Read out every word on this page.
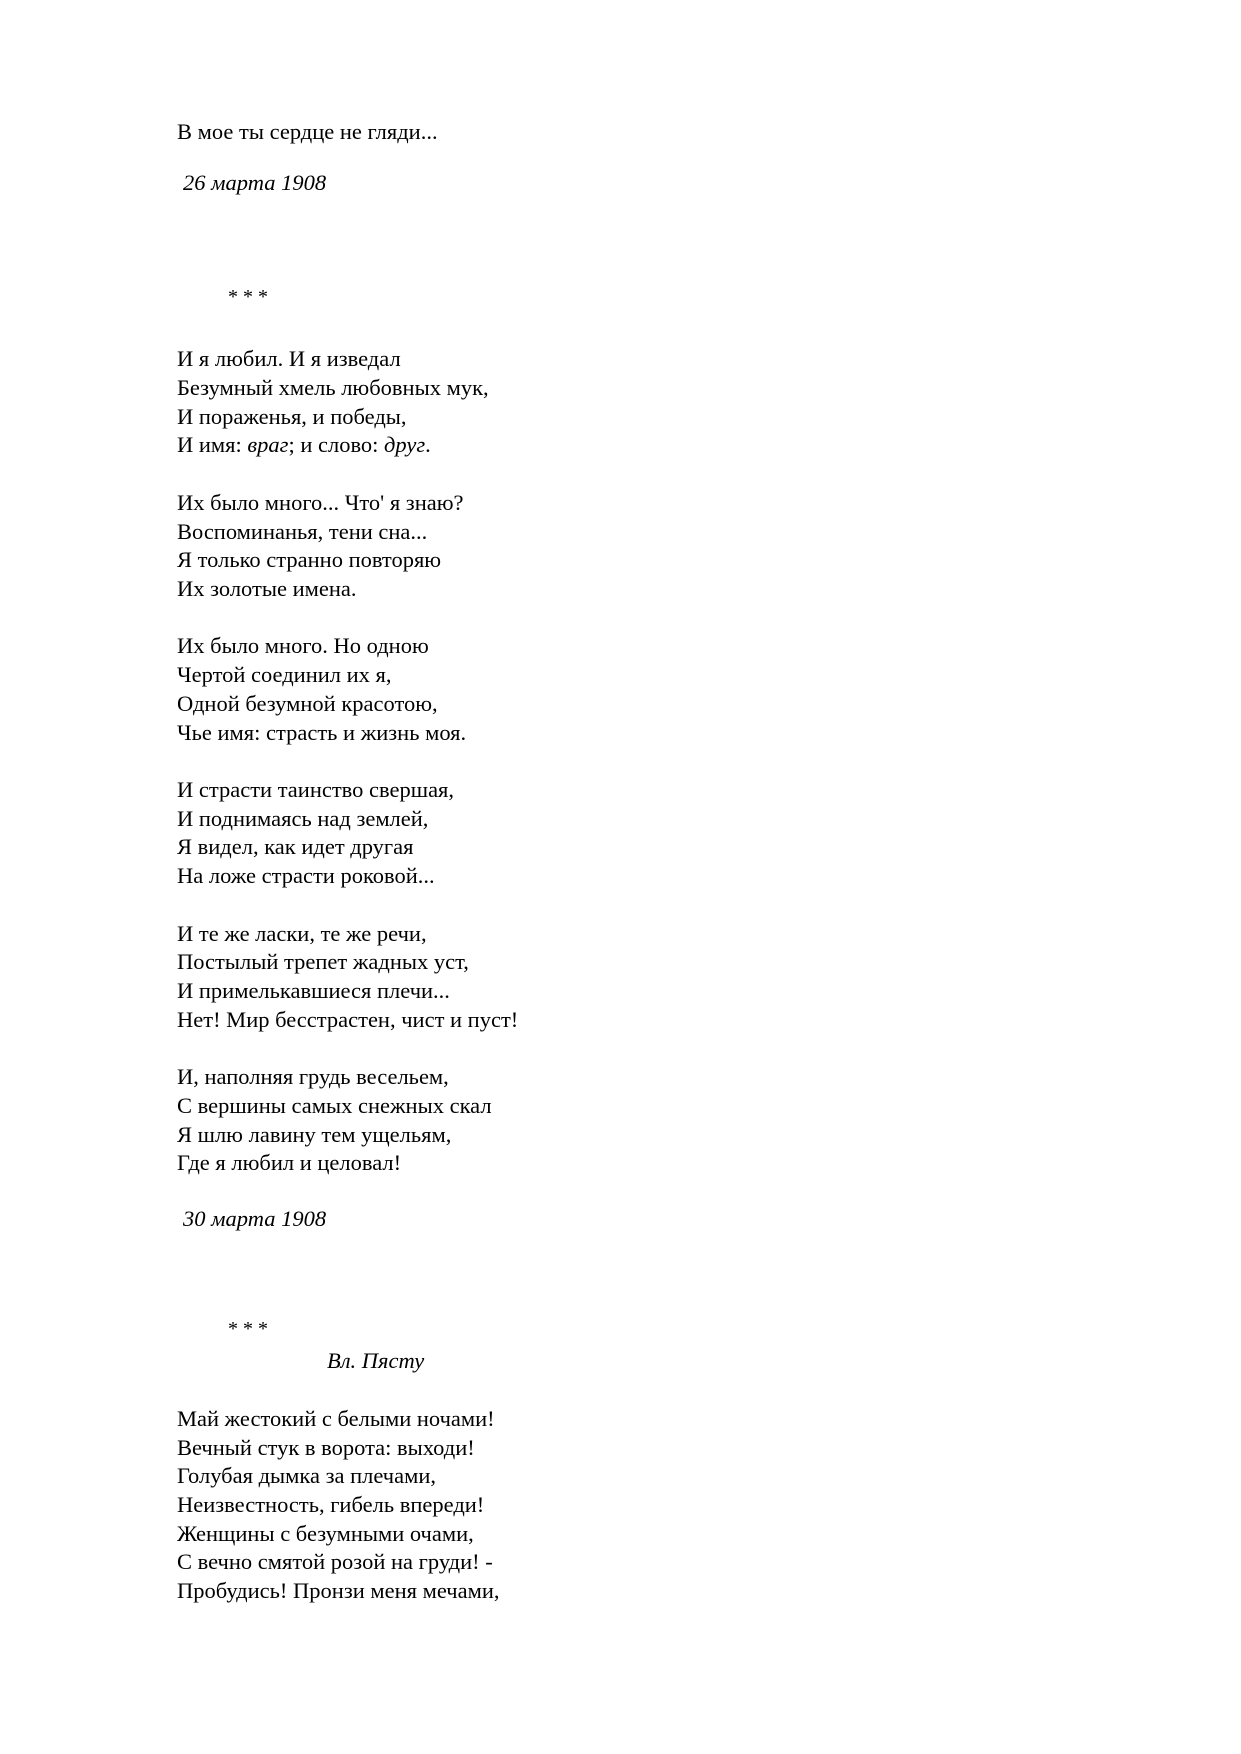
В мое ты сердце не гляди...
26 марта 1908
* * *
И я любил. И я изведал
Безумный хмель любовных мук,
И пораженья, и победы,
И имя: враг; и слово: друг.
Их было много... Что' я знаю?
Воспоминанья, тени сна...
Я только странно повторяю
Их золотые имена.
Их было много. Но одною
Чертой соединил их я,
Одной безумной красотою,
Чье имя: страсть и жизнь моя.
И страсти таинство свершая,
И поднимаясь над землей,
Я видел, как идет другая
На ложе страсти роковой...
И те же ласки, те же речи,
Постылый трепет жадных уст,
И примелькавшиеся плечи...
Нет! Мир бесстрастен, чист и пуст!
И, наполняя грудь весельем,
С вершины самых снежных скал
Я шлю лавину тем ущельям,
Где я любил и целовал!
30 марта 1908
* * *
Вл. Пясту
Май жестокий с белыми ночами!
Вечный стук в ворота: выходи!
Голубая дымка за плечами,
Неизвестность, гибель впереди!
Женщины с безумными очами,
С вечно смятой розой на груди! -
Пробудись! Пронзи меня мечами,
